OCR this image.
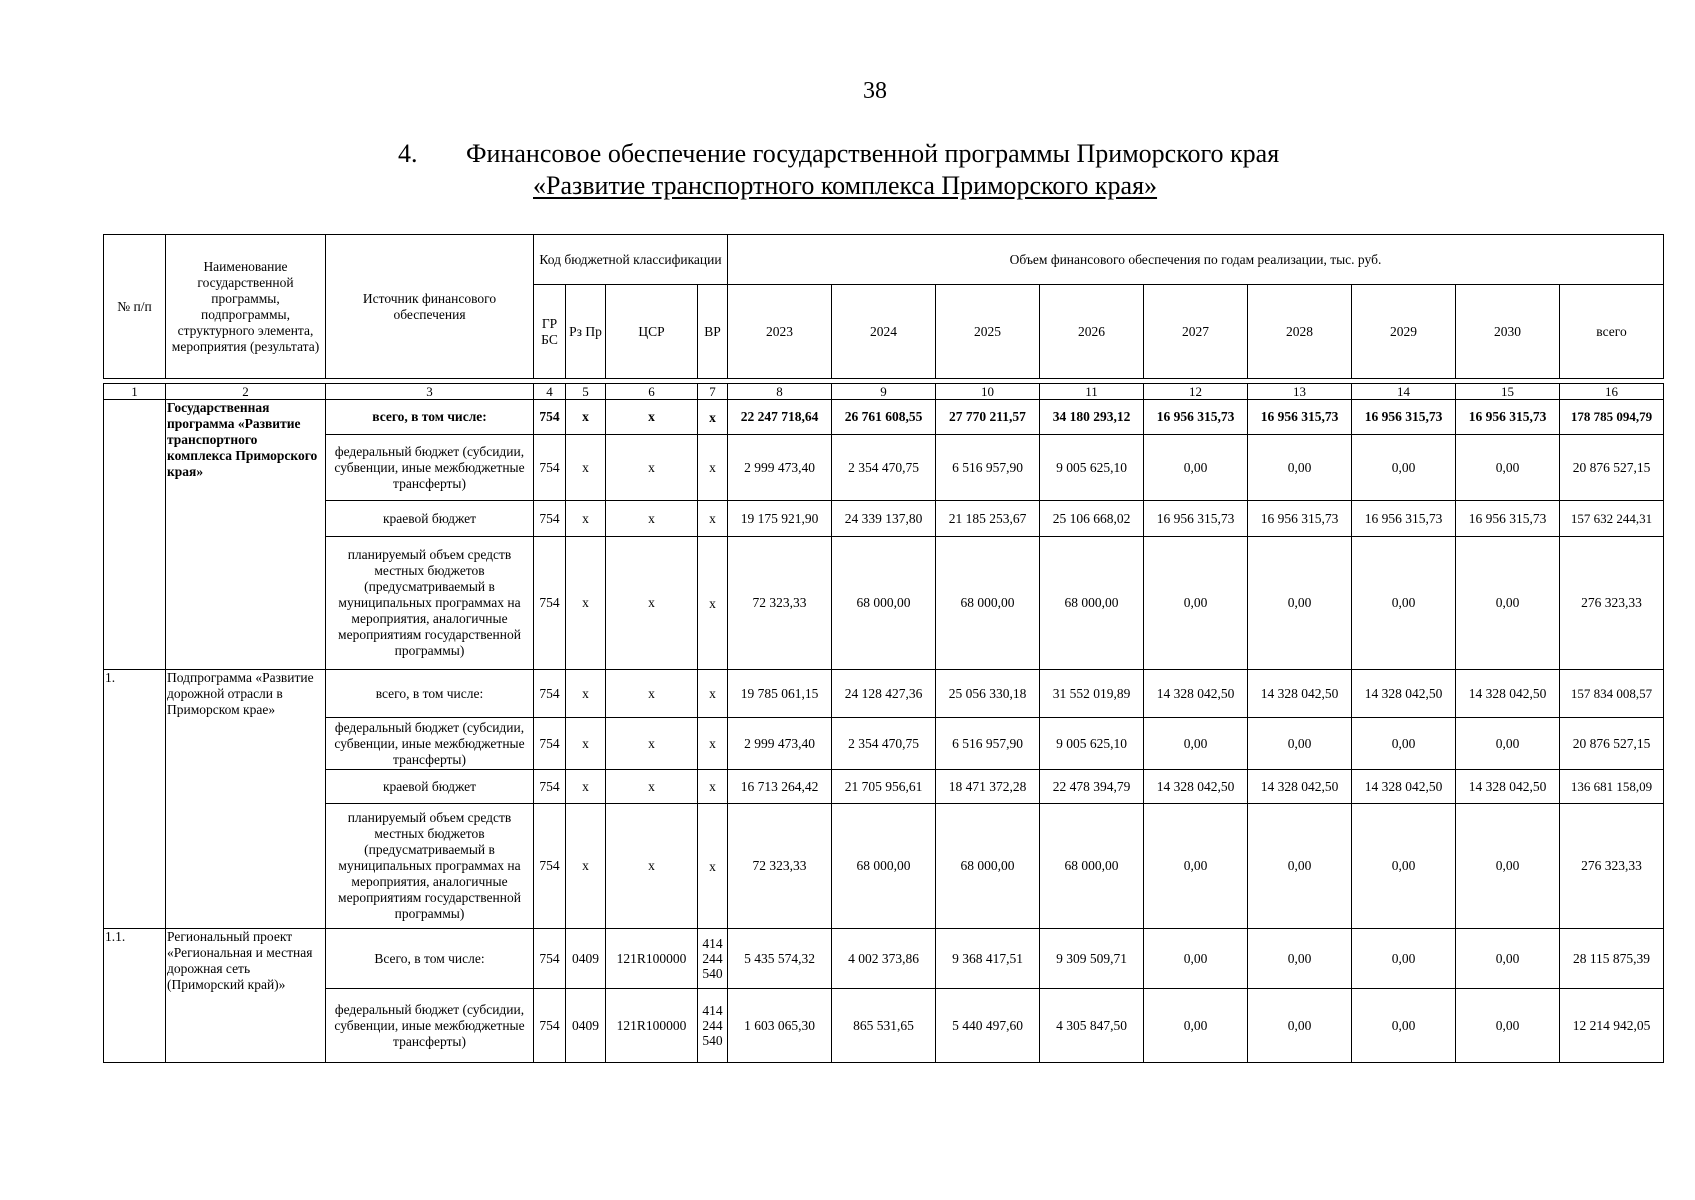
38
4.	Финансовое обеспечение государственной программы Приморского края
«Развитие транспортного комплекса Приморского края»
№ п/п	Наименование государственной программы, подпрограммы, структурного элемента, мероприятия (результата)	Источник финансового обеспечения	Код бюджетной классификации				Объем финансового обеспечения по годам реализации, тыс. руб.								
			ГР БС	Рз Пр	ЦСР	ВР	2023	2024	2025	2026	2027	2028	2029	2030	всего

1	2	3	4	5	6	7	8	9	10	11	12	13	14	15	16
	Государственная программа «Развитие транспортного комплекса Приморского края»	всего, в том числе:	754	х	х	х	22 247 718,64	26 761 608,55	27 770 211,57	34 180 293,12	16 956 315,73	16 956 315,73	16 956 315,73	16 956 315,73	178 785 094,79
		федеральный бюджет (субсидии, субвенции, иные межбюджетные трансферты)	754	х	х	х	2 999 473,40	2 354 470,75	6 516 957,90	9 005 625,10	0,00	0,00	0,00	0,00	20 876 527,15
		краевой бюджет	754	х	х	х	19 175 921,90	24 339 137,80	21 185 253,67	25 106 668,02	16 956 315,73	16 956 315,73	16 956 315,73	16 956 315,73	157 632 244,31
		планируемый объем средств местных бюджетов (предусматриваемый в муниципальных программах на мероприятия, аналогичные мероприятиям государственной программы)	754	х	х	х	72 323,33	68 000,00	68 000,00	68 000,00	0,00	0,00	0,00	0,00	276 323,33
1.	Подпрограмма «Развитие дорожной отрасли в Приморском крае»	всего, в том числе:	754	х	х	х	19 785 061,15	24 128 427,36	25 056 330,18	31 552 019,89	14 328 042,50	14 328 042,50	14 328 042,50	14 328 042,50	157 834 008,57
		федеральный бюджет (субсидии, субвенции, иные межбюджетные трансферты)	754	х	х	х	2 999 473,40	2 354 470,75	6 516 957,90	9 005 625,10	0,00	0,00	0,00	0,00	20 876 527,15
		краевой бюджет	754	х	х	х	16 713 264,42	21 705 956,61	18 471 372,28	22 478 394,79	14 328 042,50	14 328 042,50	14 328 042,50	14 328 042,50	136 681 158,09
		планируемый объем средств местных бюджетов (предусматриваемый в муниципальных программах на мероприятия, аналогичные мероприятиям государственной программы)	754	х	х	х	72 323,33	68 000,00	68 000,00	68 000,00	0,00	0,00	0,00	0,00	276 323,33
1.1.	Региональный проект «Региональная и местная дорожная сеть (Приморский край)»	Всего, в том числе:	754	0409	121R100000	414 244 540	5 435 574,32	4 002 373,86	9 368 417,51	9 309 509,71	0,00	0,00	0,00	0,00	28 115 875,39
		федеральный бюджет (субсидии, субвенции, иные межбюджетные трансферты)	754	0409	121R100000	414 244 540	1 603 065,30	865 531,65	5 440 497,60	4 305 847,50	0,00	0,00	0,00	0,00	12 214 942,05
